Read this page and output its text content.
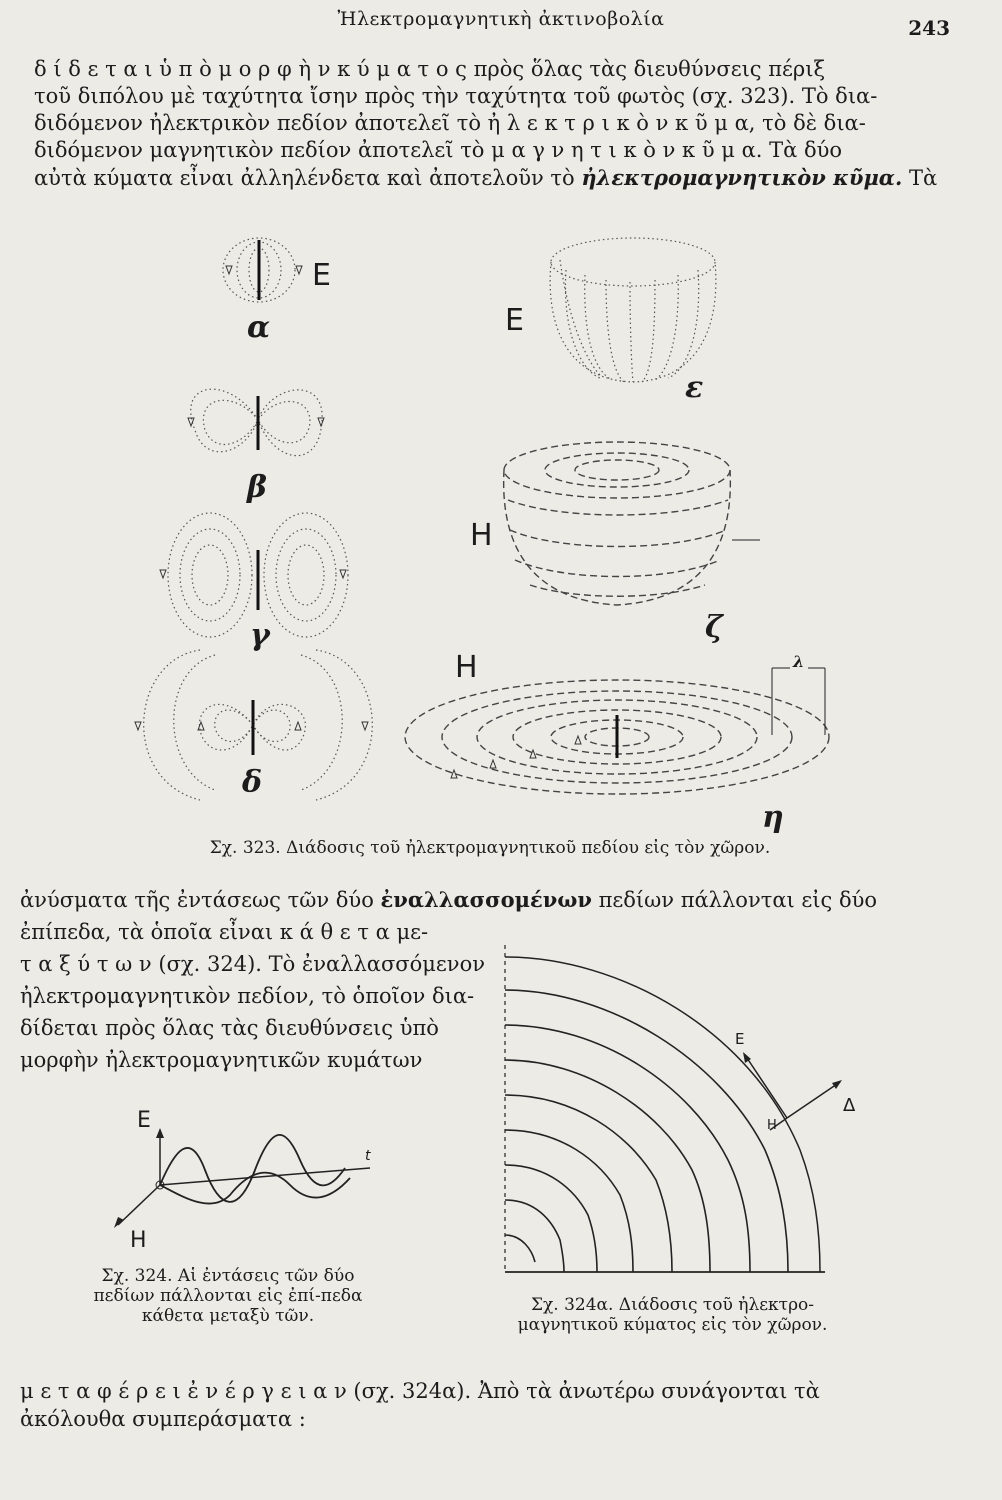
Ἠλεκτρομαγνητικὴ ἀκτινοβολία	243
δ ί δ ε τ α ι ὑ π ὸ μ ο ρ φ ὴ ν κ ύ μ α τ ο ς πρὸς ὅλας τὰς διευθύνσεις πέριξ
τοῦ διπόλου μὲ ταχύτητα ἴσην πρὸς τὴν ταχύτητα τοῦ φωτὸς (σχ. 323). Τὸ δια-
διδόμενον ἠλεκτρικὸν πεδίον ἀποτελεῖ τὸ ἠ λ ε κ τ ρ ι κ ὸ ν κ ῦ μ α, τὸ δὲ δια-
διδόμενον μαγνητικὸν πεδίον ἀποτελεῖ τὸ μ α γ ν η τ ι κ ὸ ν κ ῦ μ α. Τὰ δύο
αὐτὰ κύματα εἶναι ἀλληλένδετα καὶ ἀποτελοῦν τὸ ἠλεκτρομαγνητικὸν κῦμα. Τὰ
E
α	E
ε
β
H
γ	ζ
H	λ
δ
η
Σχ. 323. Διάδοσις τοῦ ἠλεκτρομαγνητικοῦ πεδίου εἰς τὸν χῶρον.
ἀνύσματα τῆς ἐντάσεως τῶν δύο ἐναλλασσομένων πεδίων πάλλονται εἰς δύο
ἐπίπεδα, τὰ ὁποῖα εἶναι κ ά θ ε τ α με-
τ α ξ ύ τ ω ν (σχ. 324). Τὸ ἐναλλασσόμενον
ἠλεκτρομαγνητικὸν πεδίον, τὸ ὁποῖον δια-
δίδεται πρὸς ὅλας τὰς διευθύνσεις ὑπὸ
μορφὴν ἠλεκτρομαγνητικῶν κυμάτων
E
H
t
Σχ. 324. Αἱ ἐντάσεις τῶν δύο πεδίων πάλλονται εἰς ἐπί-πεδα κάθετα μεταξὺ τῶν.
E
H
Δ
Σχ. 324α. Διάδοσις τοῦ ἠλεκτρο-μαγνητικοῦ κύματος εἰς τὸν χῶρον.
μ ε τ α φ έ ρ ε ι ἐ ν έ ρ γ ε ι α ν (σχ. 324α). Ἀπὸ τὰ ἀνωτέρω συνάγονται τὰ
ἀκόλουθα συμπεράσματα :
